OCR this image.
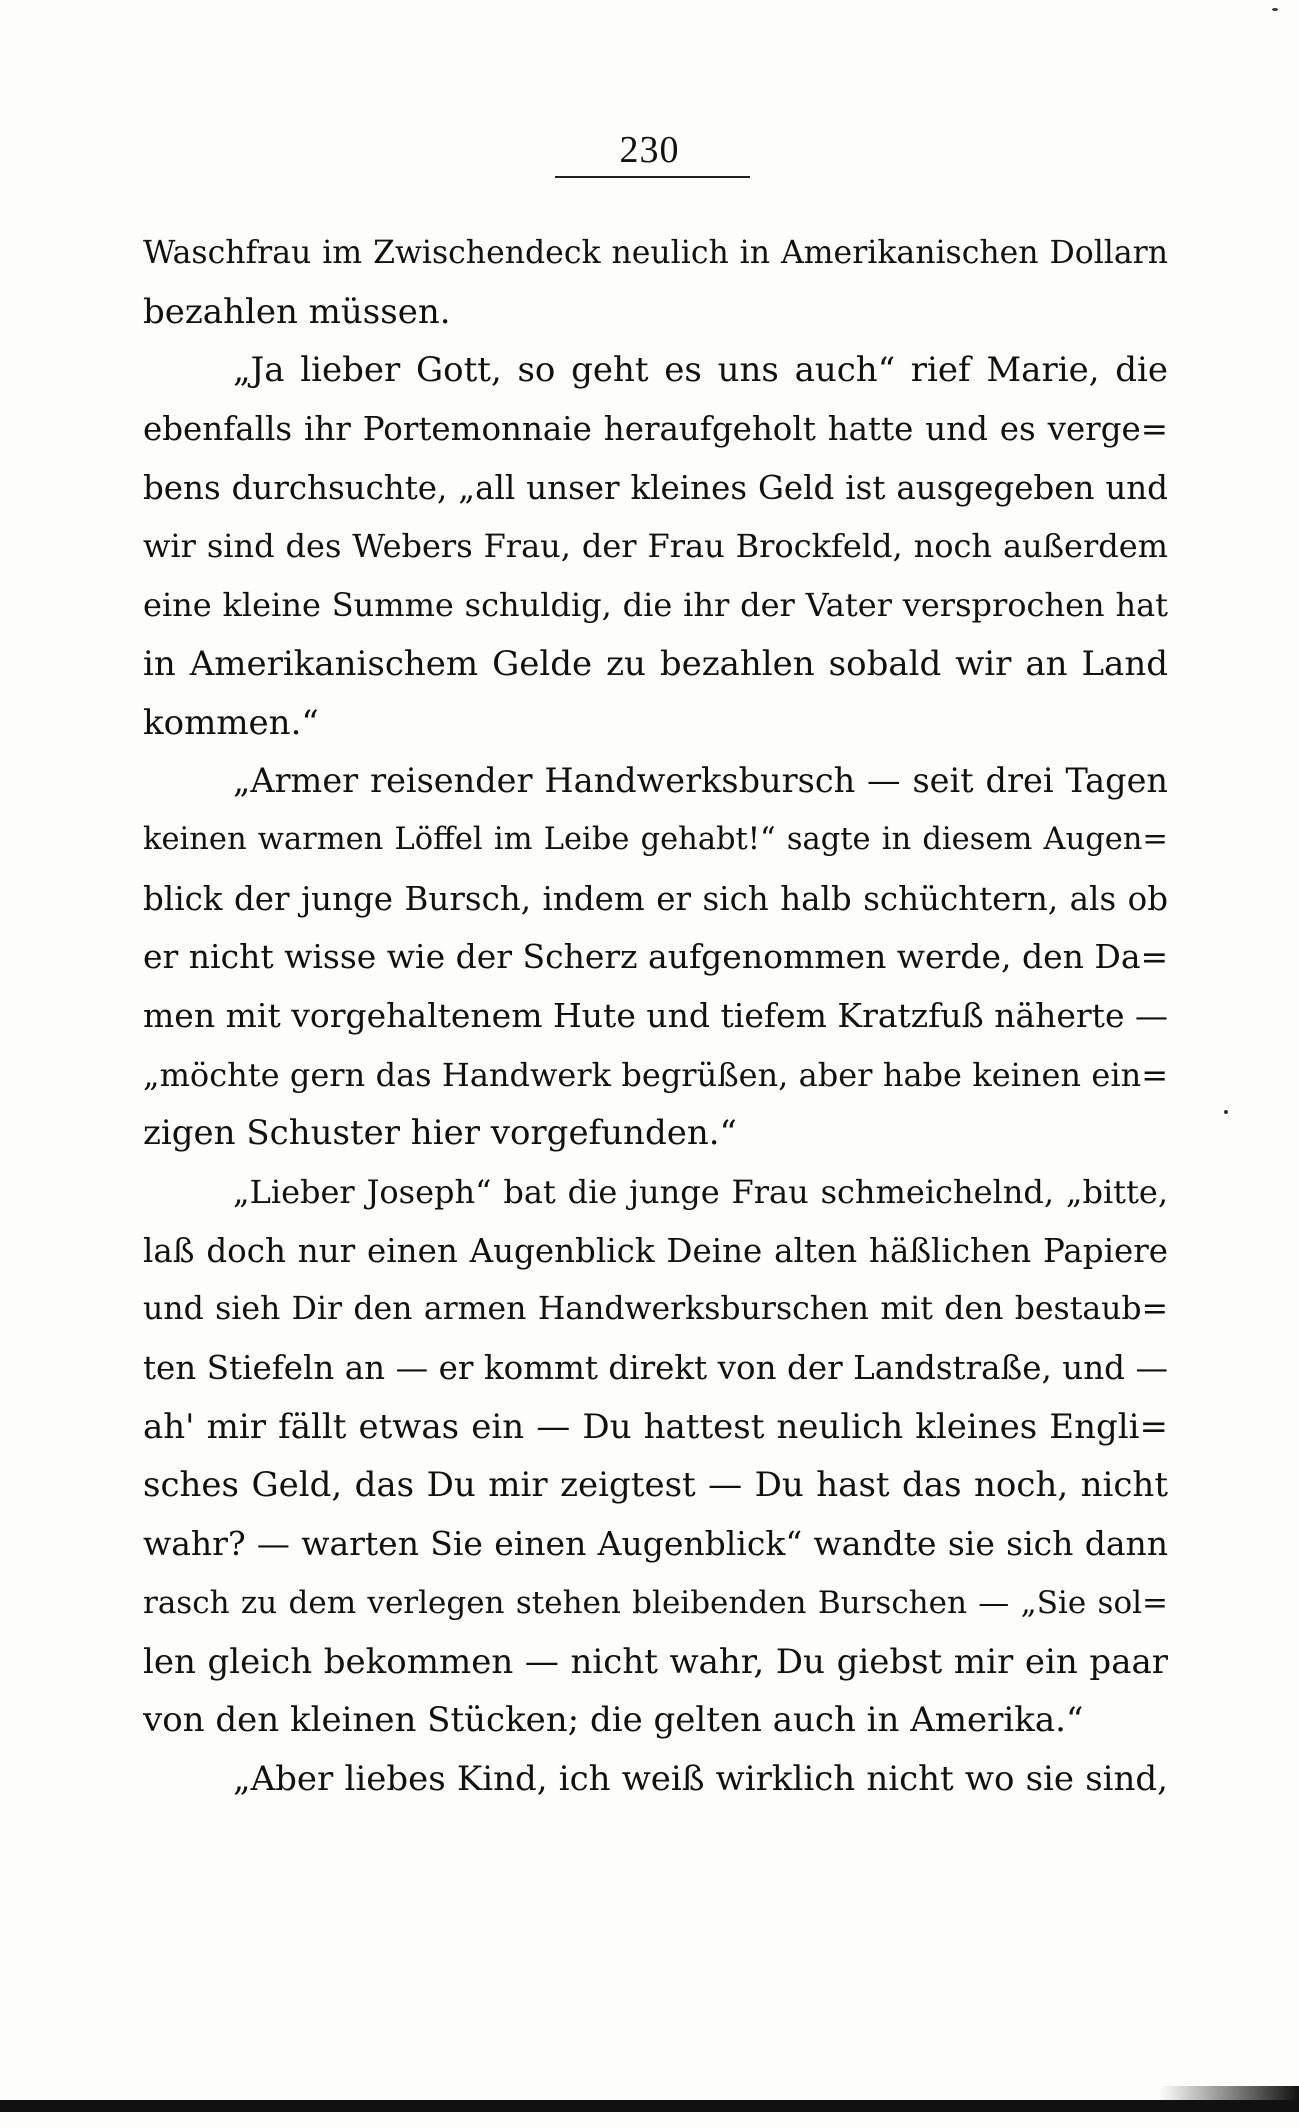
230
Waschfrau im Zwischendeck neulich in Amerikanischen Dollarn
bezahlen müssen.
„Ja lieber Gott, so geht es uns auch“ rief Marie, die
ebenfalls ihr Portemonnaie heraufgeholt hatte und es verge=
bens durchsuchte, „all unser kleines Geld ist ausgegeben und
wir sind des Webers Frau, der Frau Brockfeld, noch außerdem
eine kleine Summe schuldig, die ihr der Vater versprochen hat
in Amerikanischem Gelde zu bezahlen sobald wir an Land
kommen.“
„Armer reisender Handwerksbursch — seit drei Tagen
keinen warmen Löffel im Leibe gehabt!“ sagte in diesem Augen=
blick der junge Bursch, indem er sich halb schüchtern, als ob
er nicht wisse wie der Scherz aufgenommen werde, den Da=
men mit vorgehaltenem Hute und tiefem Kratzfuß näherte —
„möchte gern das Handwerk begrüßen, aber habe keinen ein=
zigen Schuster hier vorgefunden.“
„Lieber Joseph“ bat die junge Frau schmeichelnd, „bitte,
laß doch nur einen Augenblick Deine alten häßlichen Papiere
und sieh Dir den armen Handwerksburschen mit den bestaub=
ten Stiefeln an — er kommt direkt von der Landstraße, und —
ah' mir fällt etwas ein — Du hattest neulich kleines Engli=
sches Geld, das Du mir zeigtest — Du hast das noch, nicht
wahr? — warten Sie einen Augenblick“ wandte sie sich dann
rasch zu dem verlegen stehen bleibenden Burschen — „Sie sol=
len gleich bekommen — nicht wahr, Du giebst mir ein paar
von den kleinen Stücken; die gelten auch in Amerika.“
„Aber liebes Kind, ich weiß wirklich nicht wo sie sind,
